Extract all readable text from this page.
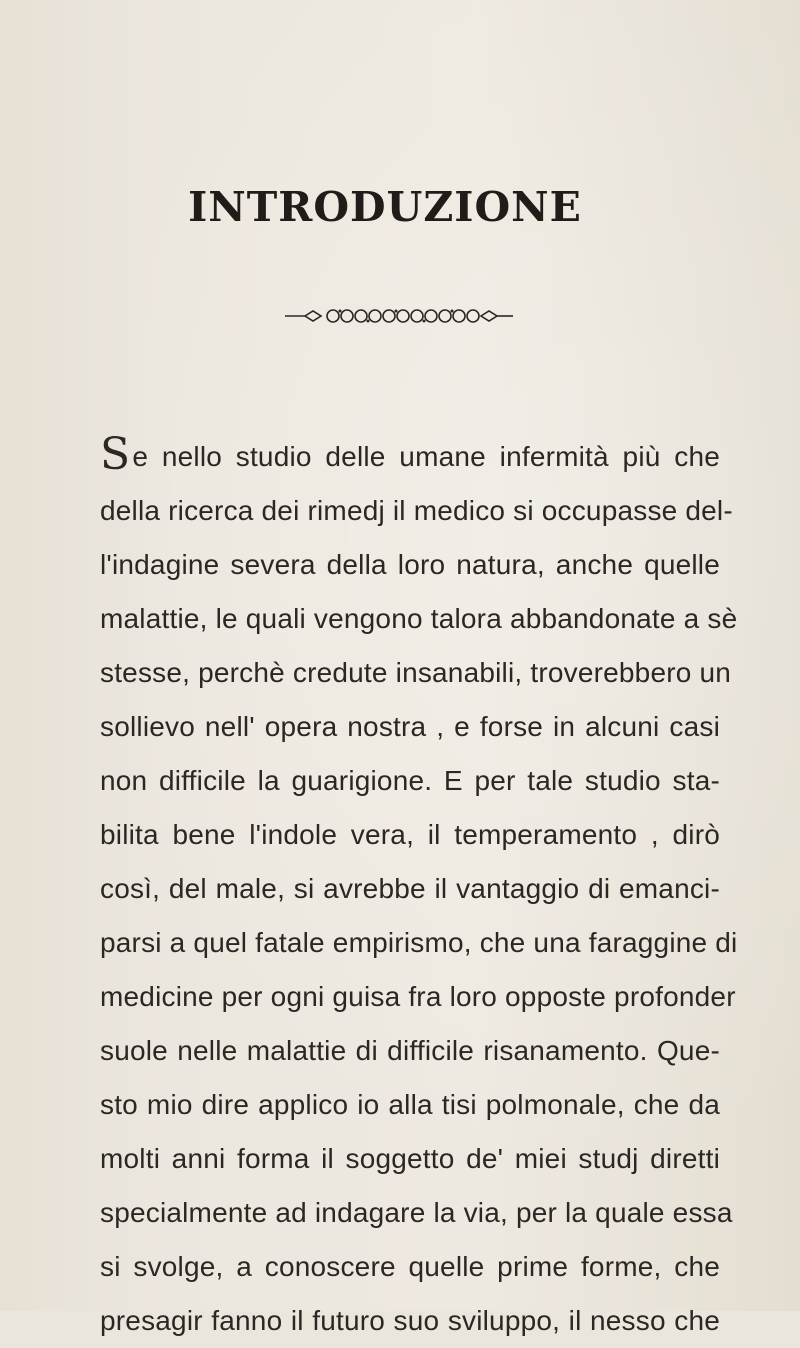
INTRODUZIONE
Se nello studio delle umane infermità più che
della ricerca dei rimedj il medico si occupasse del-
l'indagine severa della loro natura, anche quelle
malattie, le quali vengono talora abbandonate a sè
stesse, perchè credute insanabili, troverebbero un
sollievo nell' opera nostra , e forse in alcuni casi
non difficile la guarigione. E per tale studio sta-
bilita bene l'indole vera, il temperamento , dirò
così, del male, si avrebbe il vantaggio di emanci-
parsi a quel fatale empirismo, che una faraggine di
medicine per ogni guisa fra loro opposte profonder
suole nelle malattie di difficile risanamento. Que-
sto mio dire applico io alla tisi polmonale, che da
molti anni forma il soggetto de' miei studj diretti
specialmente ad indagare la via, per la quale essa
si svolge, a conoscere quelle prime forme, che
presagir fanno il futuro suo sviluppo, il nesso che
